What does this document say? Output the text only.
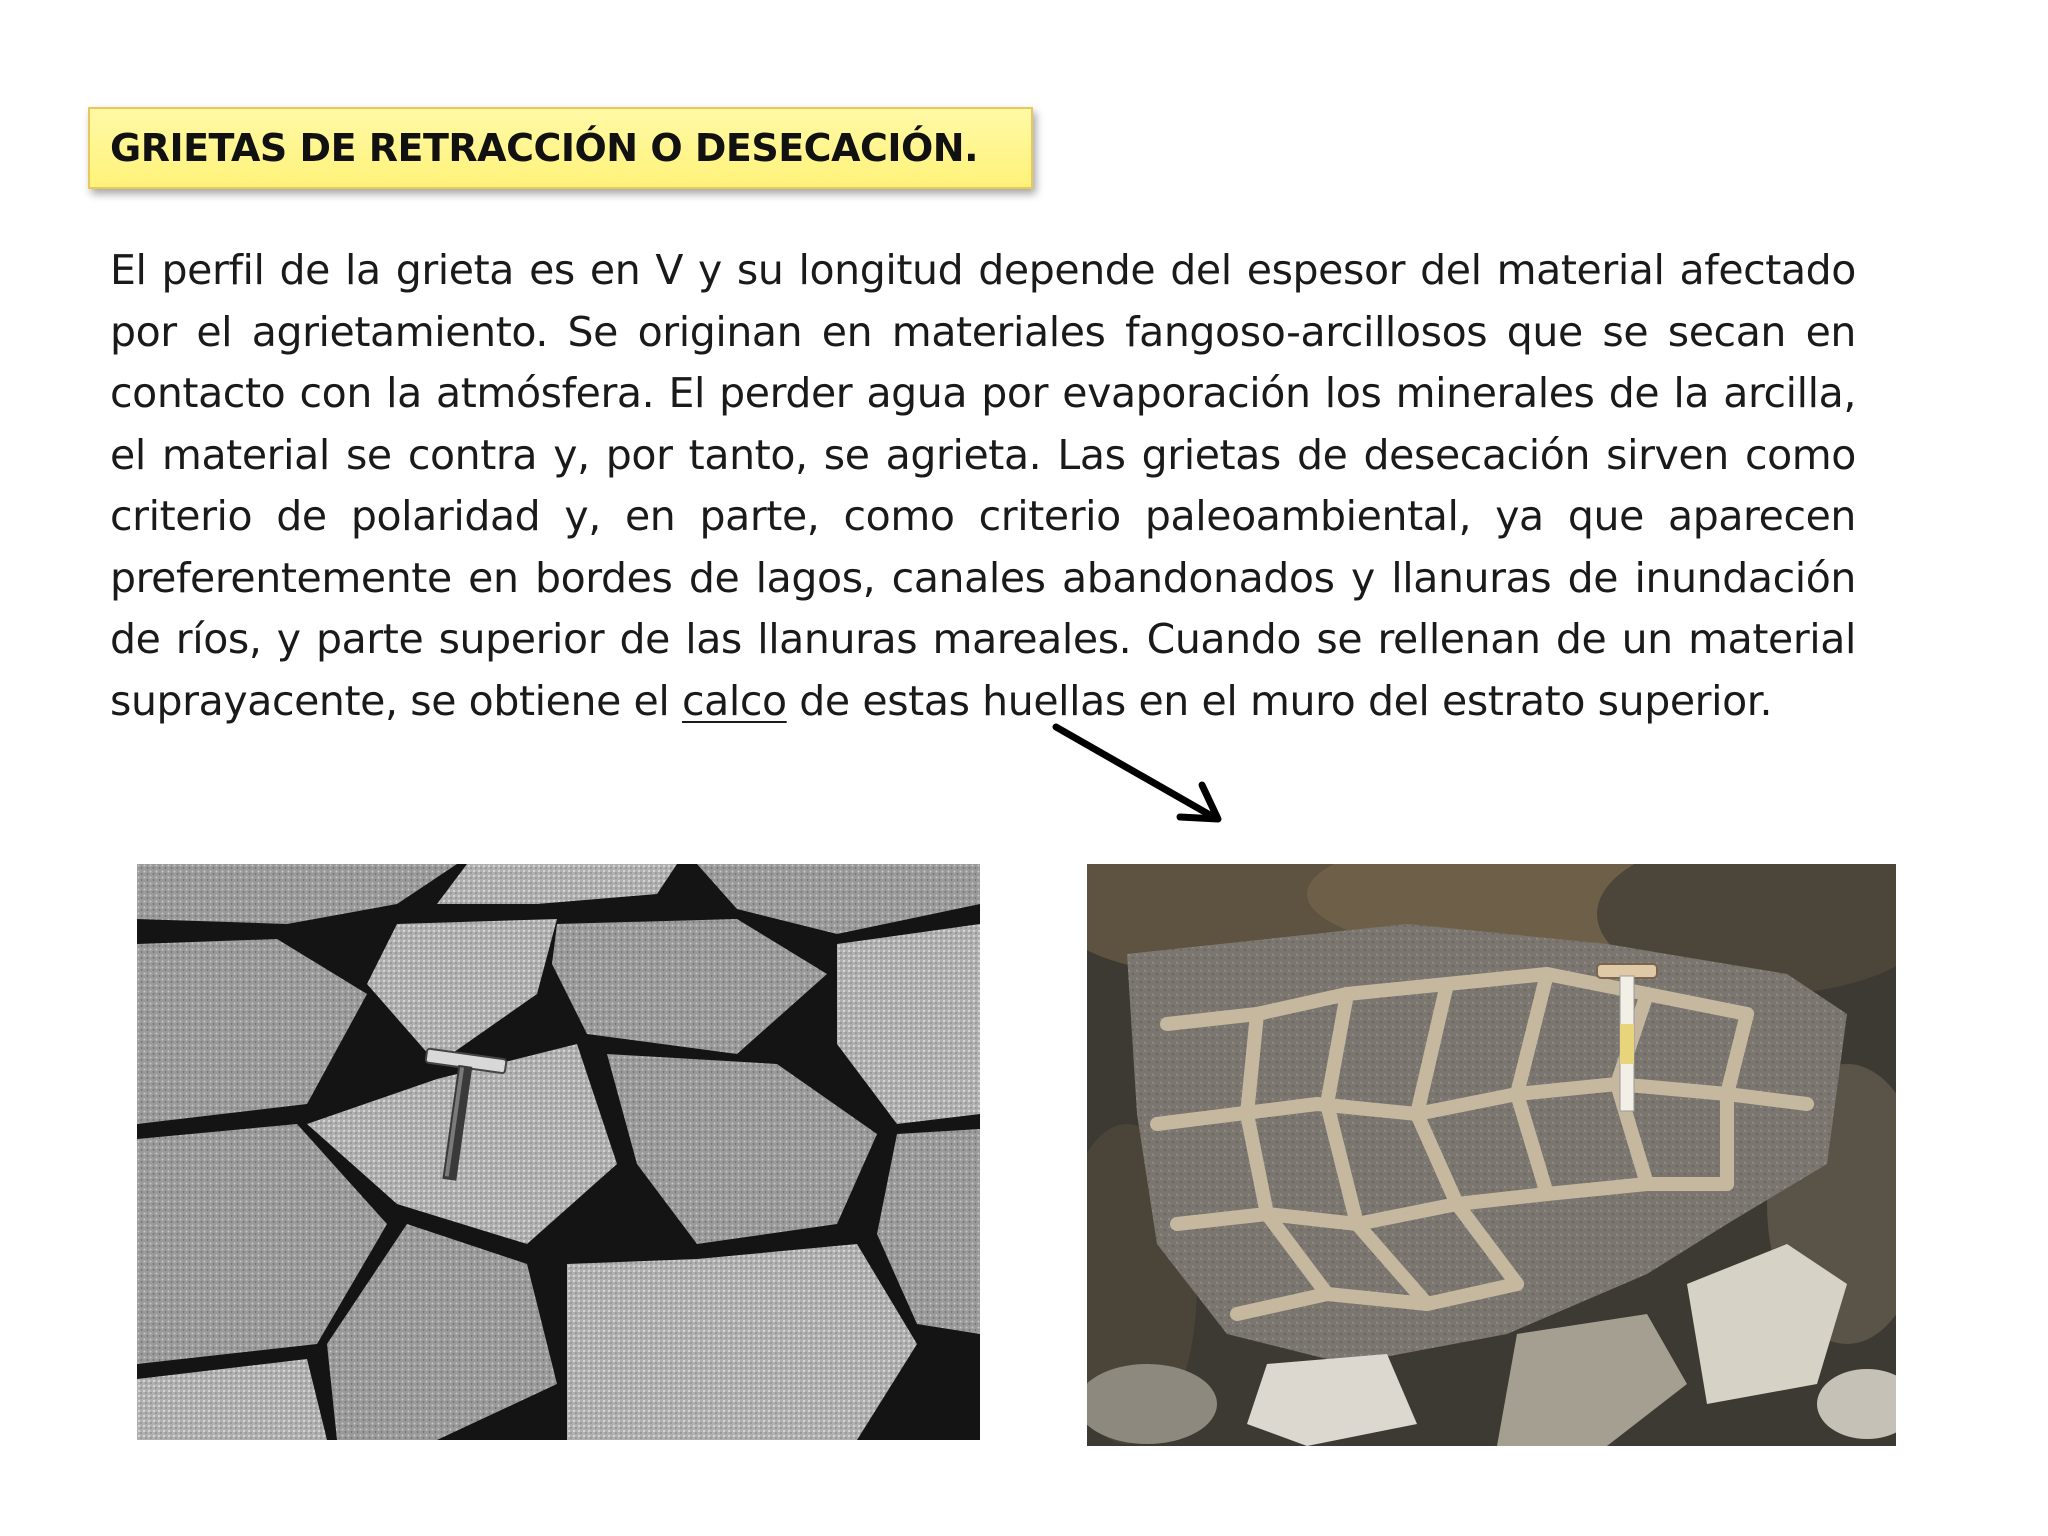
GRIETAS DE RETRACCIÓN O DESECACIÓN.
El perfil de la grieta es en V y su longitud depende del espesor del material afectado por el agrietamiento. Se originan en materiales fangoso-arcillosos que se secan en contacto con la atmósfera. El perder agua por evaporación los minerales de la arcilla, el material se contra y, por tanto, se agrieta. Las grietas de desecación sirven como criterio de polaridad y, en parte, como criterio paleoambiental, ya que aparecen preferentemente en bordes de lagos, canales abandonados y llanuras de inundación de ríos, y parte superior de las llanuras mareales. Cuando se rellenan de un material suprayacente, se obtiene el calco de estas huellas en el muro del estrato superior.
